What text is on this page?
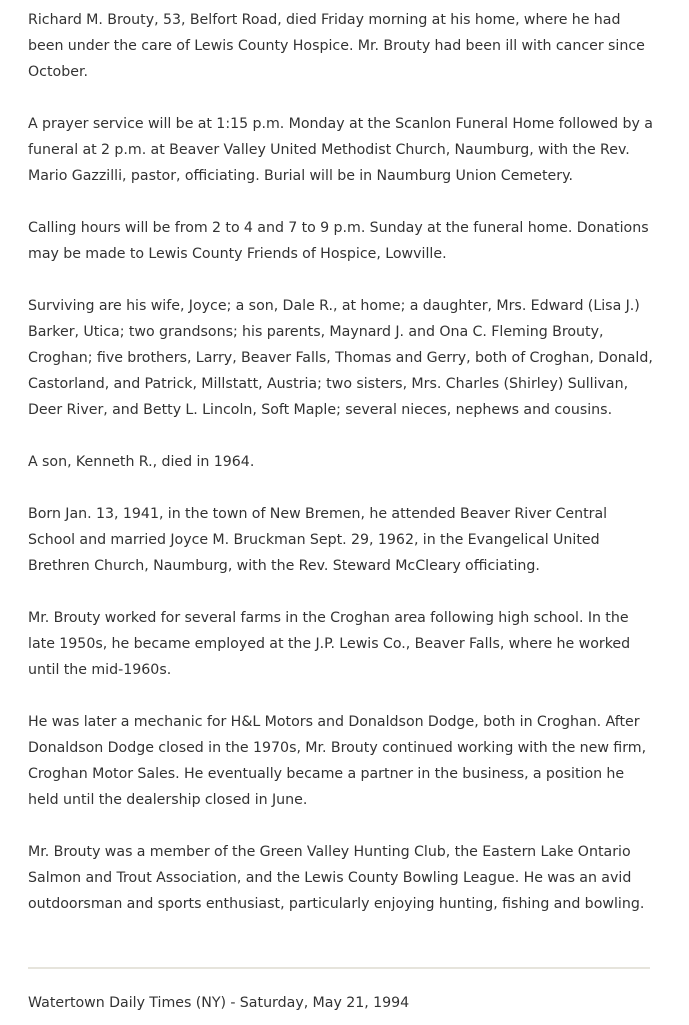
Richard M. Brouty, 53, Belfort Road, died Friday morning at his home, where he had been under the care of Lewis County Hospice. Mr. Brouty had been ill with cancer since October.

A prayer service will be at 1:15 p.m. Monday at the Scanlon Funeral Home followed by a funeral at 2 p.m. at Beaver Valley United Methodist Church, Naumburg, with the Rev. Mario Gazzilli, pastor, officiating. Burial will be in Naumburg Union Cemetery.

Calling hours will be from 2 to 4 and 7 to 9 p.m. Sunday at the funeral home. Donations may be made to Lewis County Friends of Hospice, Lowville.

Surviving are his wife, Joyce; a son, Dale R., at home; a daughter, Mrs. Edward (Lisa J.) Barker, Utica; two grandsons; his parents, Maynard J. and Ona C. Fleming Brouty, Croghan; five brothers, Larry, Beaver Falls, Thomas and Gerry, both of Croghan, Donald, Castorland, and Patrick, Millstatt, Austria; two sisters, Mrs. Charles (Shirley) Sullivan, Deer River, and Betty L. Lincoln, Soft Maple; several nieces, nephews and cousins.

A son, Kenneth R., died in 1964.

Born Jan. 13, 1941, in the town of New Bremen, he attended Beaver River Central School and married Joyce M. Bruckman Sept. 29, 1962, in the Evangelical United Brethren Church, Naumburg, with the Rev. Steward McCleary officiating.

Mr. Brouty worked for several farms in the Croghan area following high school. In the late 1950s, he became employed at the J.P. Lewis Co., Beaver Falls, where he worked until the mid-1960s.

He was later a mechanic for H&L Motors and Donaldson Dodge, both in Croghan. After Donaldson Dodge closed in the 1970s, Mr. Brouty continued working with the new firm, Croghan Motor Sales. He eventually became a partner in the business, a position he held until the dealership closed in June.

Mr. Brouty was a member of the Green Valley Hunting Club, the Eastern Lake Ontario Salmon and Trout Association, and the Lewis County Bowling League. He was an avid outdoorsman and sports enthusiast, particularly enjoying hunting, fishing and bowling.

Watertown Daily Times (NY) - Saturday, May 21, 1994
